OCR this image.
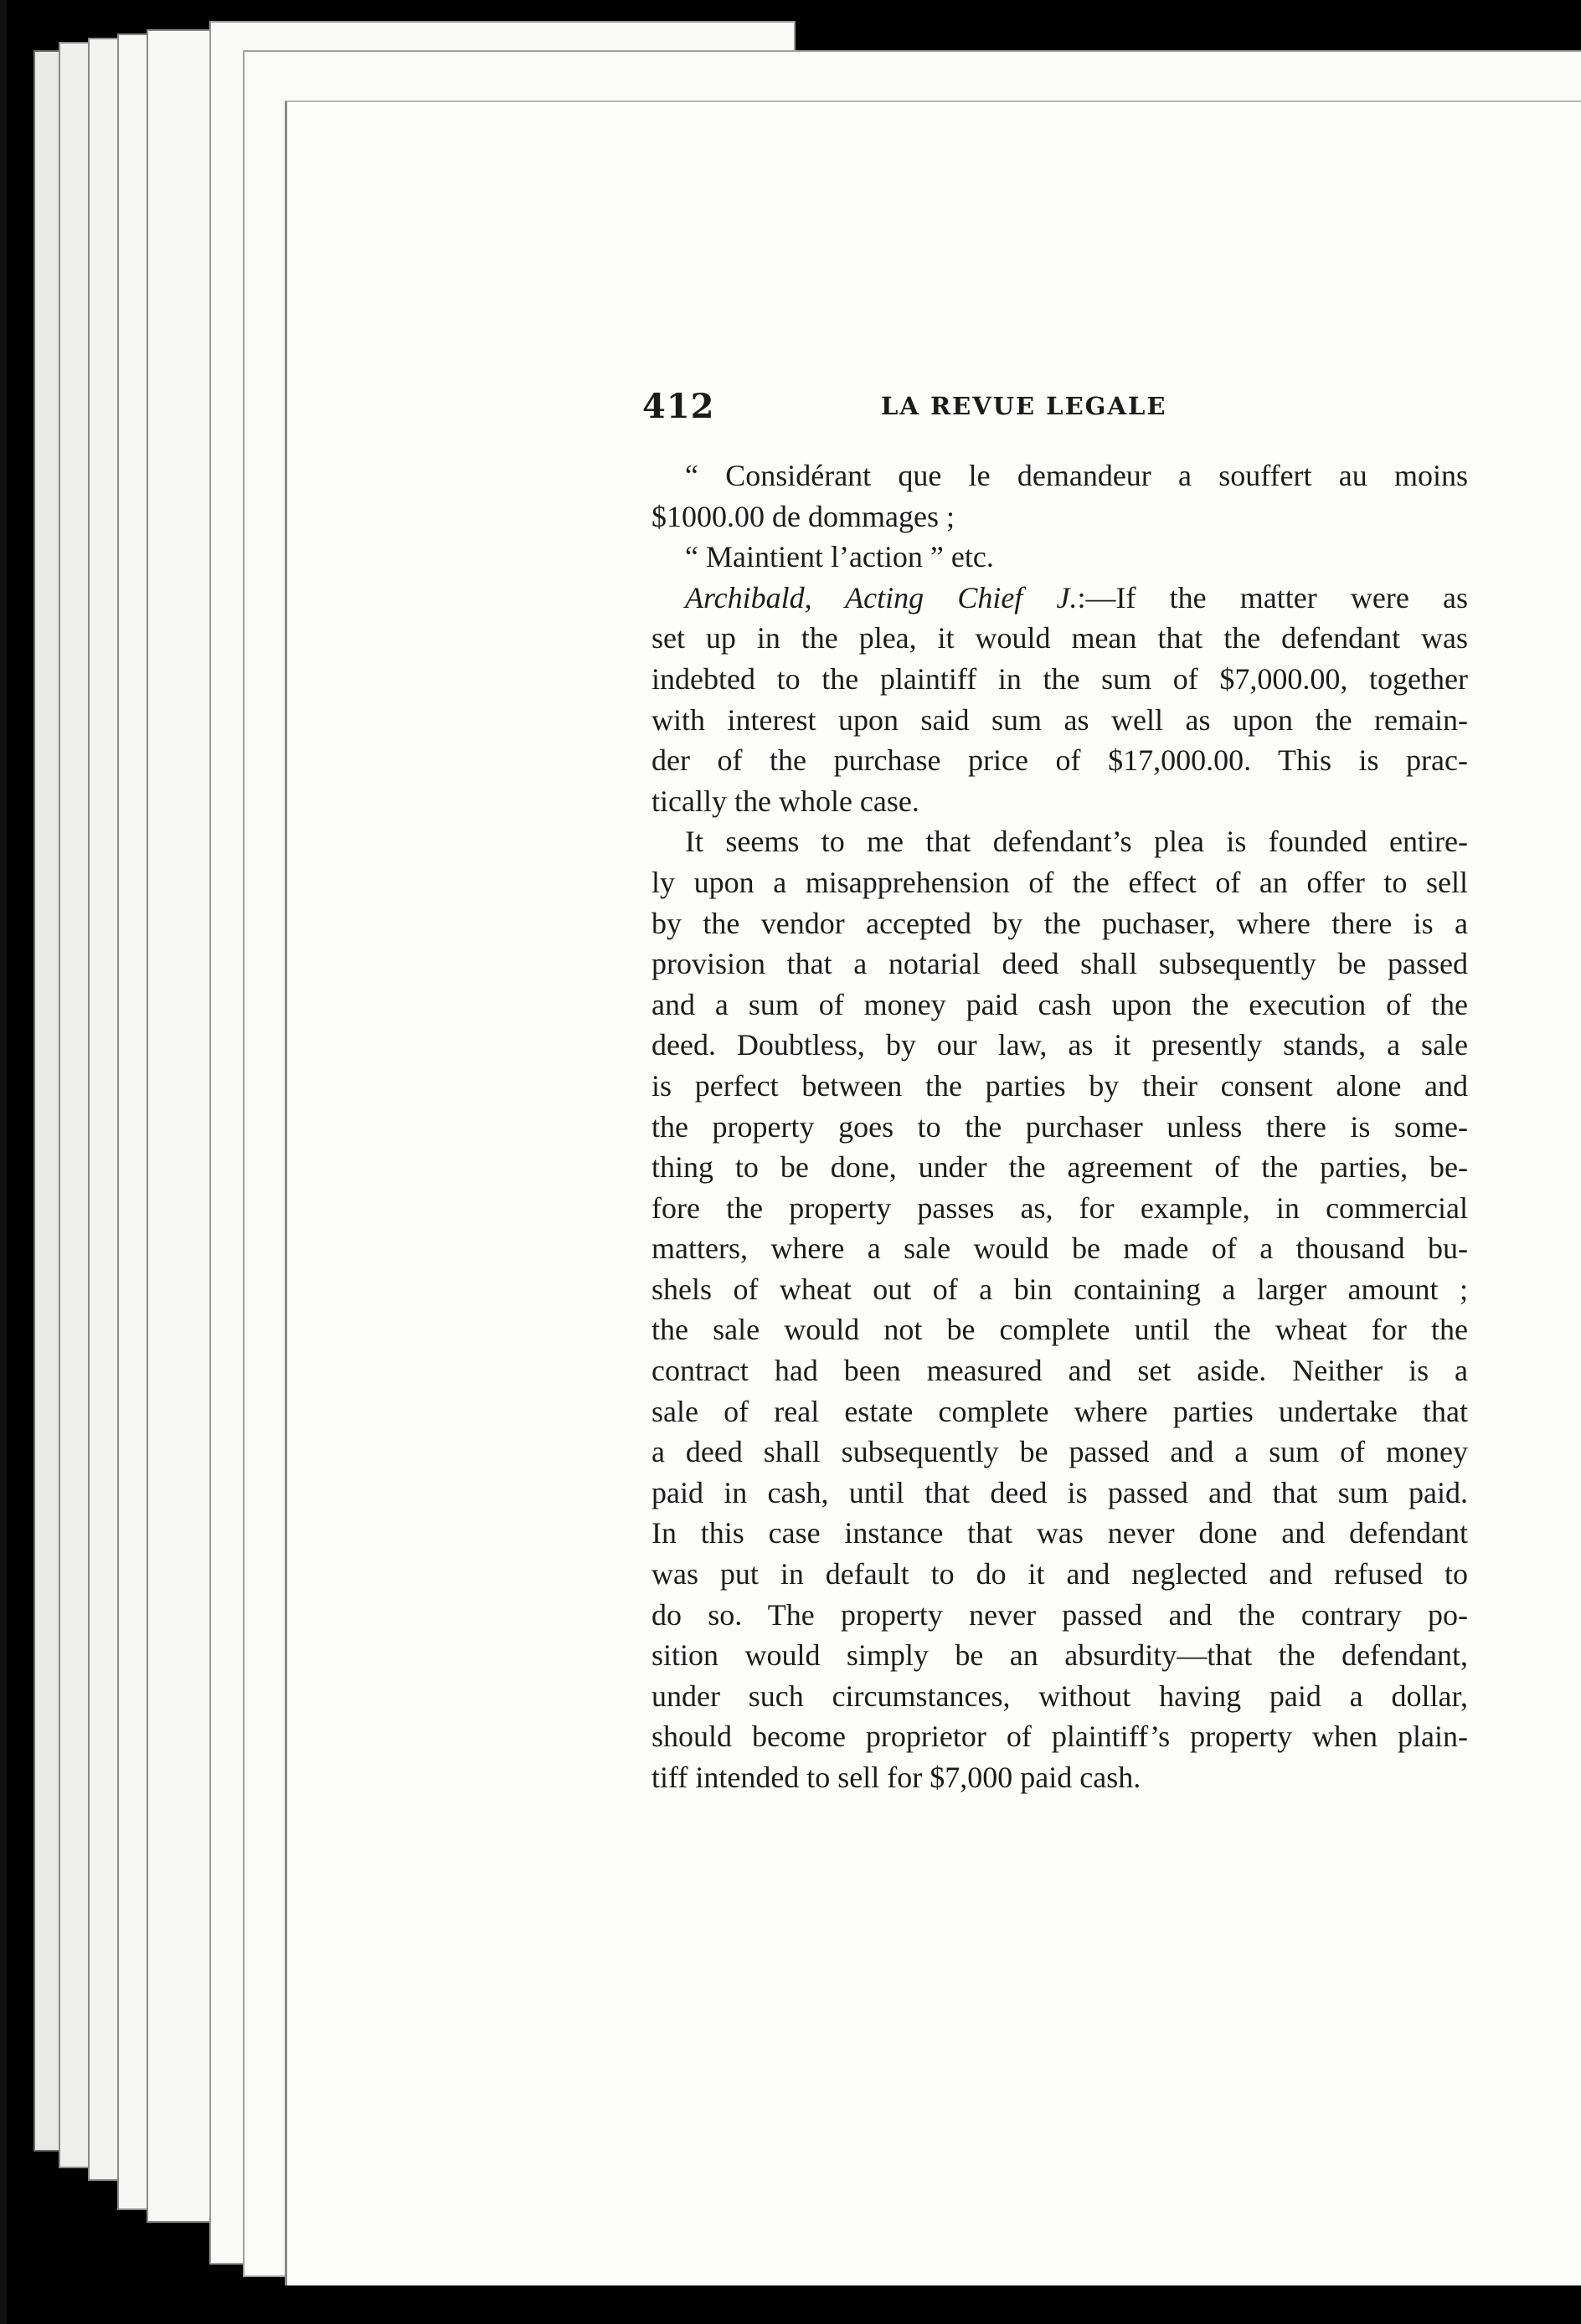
412	LA REVUE LEGALE
“ Considérant que le demandeur a souffert au moins
$1000.00 de dommages ;
“ Maintient l’action ” etc.
Archibald, Acting Chief J.:—If the matter were as
set up in the plea, it would mean that the defendant was
indebted to the plaintiff in the sum of $7,000.00, together
with interest upon said sum as well as upon the remain-
der of the purchase price of $17,000.00. This is prac-
tically the whole case.
It seems to me that defendant’s plea is founded entire-
ly upon a misapprehension of the effect of an offer to sell
by the vendor accepted by the puchaser, where there is a
provision that a notarial deed shall subsequently be passed
and a sum of money paid cash upon the execution of the
deed. Doubtless, by our law, as it presently stands, a sale
is perfect between the parties by their consent alone and
the property goes to the purchaser unless there is some-
thing to be done, under the agreement of the parties, be-
fore the property passes as, for example, in commercial
matters, where a sale would be made of a thousand bu-
shels of wheat out of a bin containing a larger amount ;
the sale would not be complete until the wheat for the
contract had been measured and set aside. Neither is a
sale of real estate complete where parties undertake that
a deed shall subsequently be passed and a sum of money
paid in cash, until that deed is passed and that sum paid.
In this case instance that was never done and defendant
was put in default to do it and neglected and refused to
do so. The property never passed and the contrary po-
sition would simply be an absurdity—that the defendant,
under such circumstances, without having paid a dollar,
should become proprietor of plaintiff’s property when plain-
tiff intended to sell for $7,000 paid cash.
